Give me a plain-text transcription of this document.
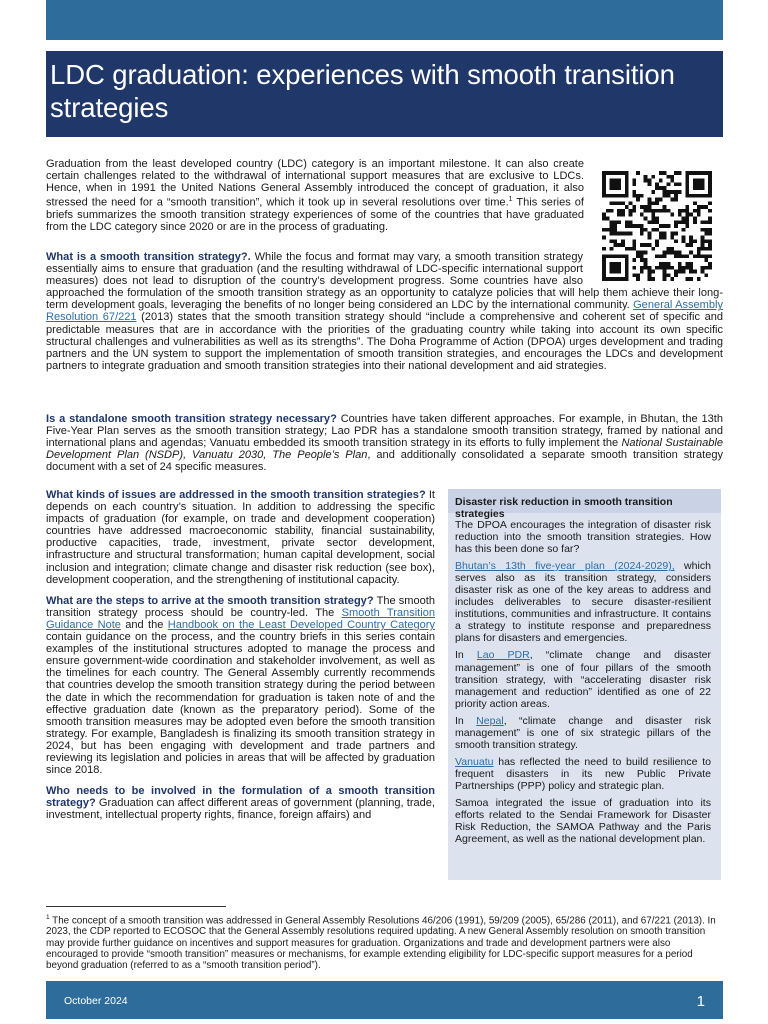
LDC graduation: experiences with smooth transition strategies

Graduation from the least developed country (LDC) category is an important milestone. It can also create certain challenges related to the withdrawal of international support measures that are exclusive to LDCs. Hence, when in 1991 the United Nations General Assembly introduced the concept of graduation, it also stressed the need for a “smooth transition”, which it took up in several resolutions over time.$^1$ This series of briefs summarizes the smooth transition strategy experiences of some of the countries that have graduated from the LDC category since 2020 or are in the process of graduating.

What is a smooth transition strategy?. While the focus and format may vary, a smooth transition strategy essentially aims to ensure that graduation (and the resulting withdrawal of LDC-specific international support measures) does not lead to disruption of the country’s development progress. Some countries have also approached the formulation of the smooth transition strategy as an opportunity to catalyze policies that will help them achieve their long-term development goals, leveraging the benefits of no longer being considered an LDC by the international community. General Assembly Resolution 67/221 (2013) states that the smooth transition strategy should “include a comprehensive and coherent set of specific and predictable measures that are in accordance with the priorities of the graduating country while taking into account its own specific structural challenges and vulnerabilities as well as its strengths”. The Doha Programme of Action (DPOA) urges development and trading partners and the UN system to support the implementation of smooth transition strategies, and encourages the LDCs and development partners to integrate graduation and smooth transition strategies into their national development and aid strategies.

Is a standalone smooth transition strategy necessary? Countries have taken different approaches. For example, in Bhutan, the 13th Five-Year Plan serves as the smooth transition strategy; Lao PDR has a standalone smooth transition strategy, framed by national and international plans and agendas; Vanuatu embedded its smooth transition strategy in its efforts to fully implement the National Sustainable Development Plan (NSDP), Vanuatu 2030, The People’s Plan, and additionally consolidated a separate smooth transition strategy document with a set of 24 specific measures.

What kinds of issues are addressed in the smooth transition strategies? It depends on each country’s situation. In addition to addressing the specific impacts of graduation (for example, on trade and development cooperation) countries have addressed macroeconomic stability, financial sustainability, productive capacities, trade, investment, private sector development, infrastructure and structural transformation; human capital development, social inclusion and integration; climate change and disaster risk reduction (see box), development cooperation, and the strengthening of institutional capacity.

What are the steps to arrive at the smooth transition strategy? The smooth transition strategy process should be country-led. The Smooth Transition Guidance Note and the Handbook on the Least Developed Country Category contain guidance on the process, and the country briefs in this series contain examples of the institutional structures adopted to manage the process and ensure government-wide coordination and stakeholder involvement, as well as the timelines for each country. The General Assembly currently recommends that countries develop the smooth transition strategy during the period between the date in which the recommendation for graduation is taken note of and the effective graduation date (known as the preparatory period). Some of the smooth transition measures may be adopted even before the smooth transition strategy. For example, Bangladesh is finalizing its smooth transition strategy in 2024, but has been engaging with development and trade partners and reviewing its legislation and policies in areas that will be affected by graduation since 2018.

Who needs to be involved in the formulation of a smooth transition strategy? Graduation can affect different areas of government (planning, trade, investment, intellectual property rights, finance, foreign affairs) and

Disaster risk reduction in smooth transition strategies

The DPOA encourages the integration of disaster risk reduction into the smooth transition strategies. How has this been done so far?

Bhutan’s 13th five-year plan (2024-2029), which serves also as its transition strategy, considers disaster risk as one of the key areas to address and includes deliverables to secure disaster-resilient institutions, communities and infrastructure. It contains a strategy to institute response and preparedness plans for disasters and emergencies.

In Lao PDR, “climate change and disaster management” is one of four pillars of the smooth transition strategy, with “accelerating disaster risk management and reduction” identified as one of 22 priority action areas.

In Nepal, “climate change and disaster risk management” is one of six strategic pillars of the smooth transition strategy.

Vanuatu has reflected the need to build resilience to frequent disasters in its new Public Private Partnerships (PPP) policy and strategic plan.

Samoa integrated the issue of graduation into its efforts related to the Sendai Framework for Disaster Risk Reduction, the SAMOA Pathway and the Paris Agreement, as well as the national development plan.

$^1$ The concept of a smooth transition was addressed in General Assembly Resolutions 46/206 (1991), 59/209 (2005), 65/286 (2011), and 67/221 (2013). In 2023, the CDP reported to ECOSOC that the General Assembly resolutions required updating. A new General Assembly resolution on smooth transition may provide further guidance on incentives and support measures for graduation. Organizations and trade and development partners were also encouraged to provide “smooth transition” measures or mechanisms, for example extending eligibility for LDC-specific support measures for a period beyond graduation (referred to as a “smooth transition period”).
October 2024	1
